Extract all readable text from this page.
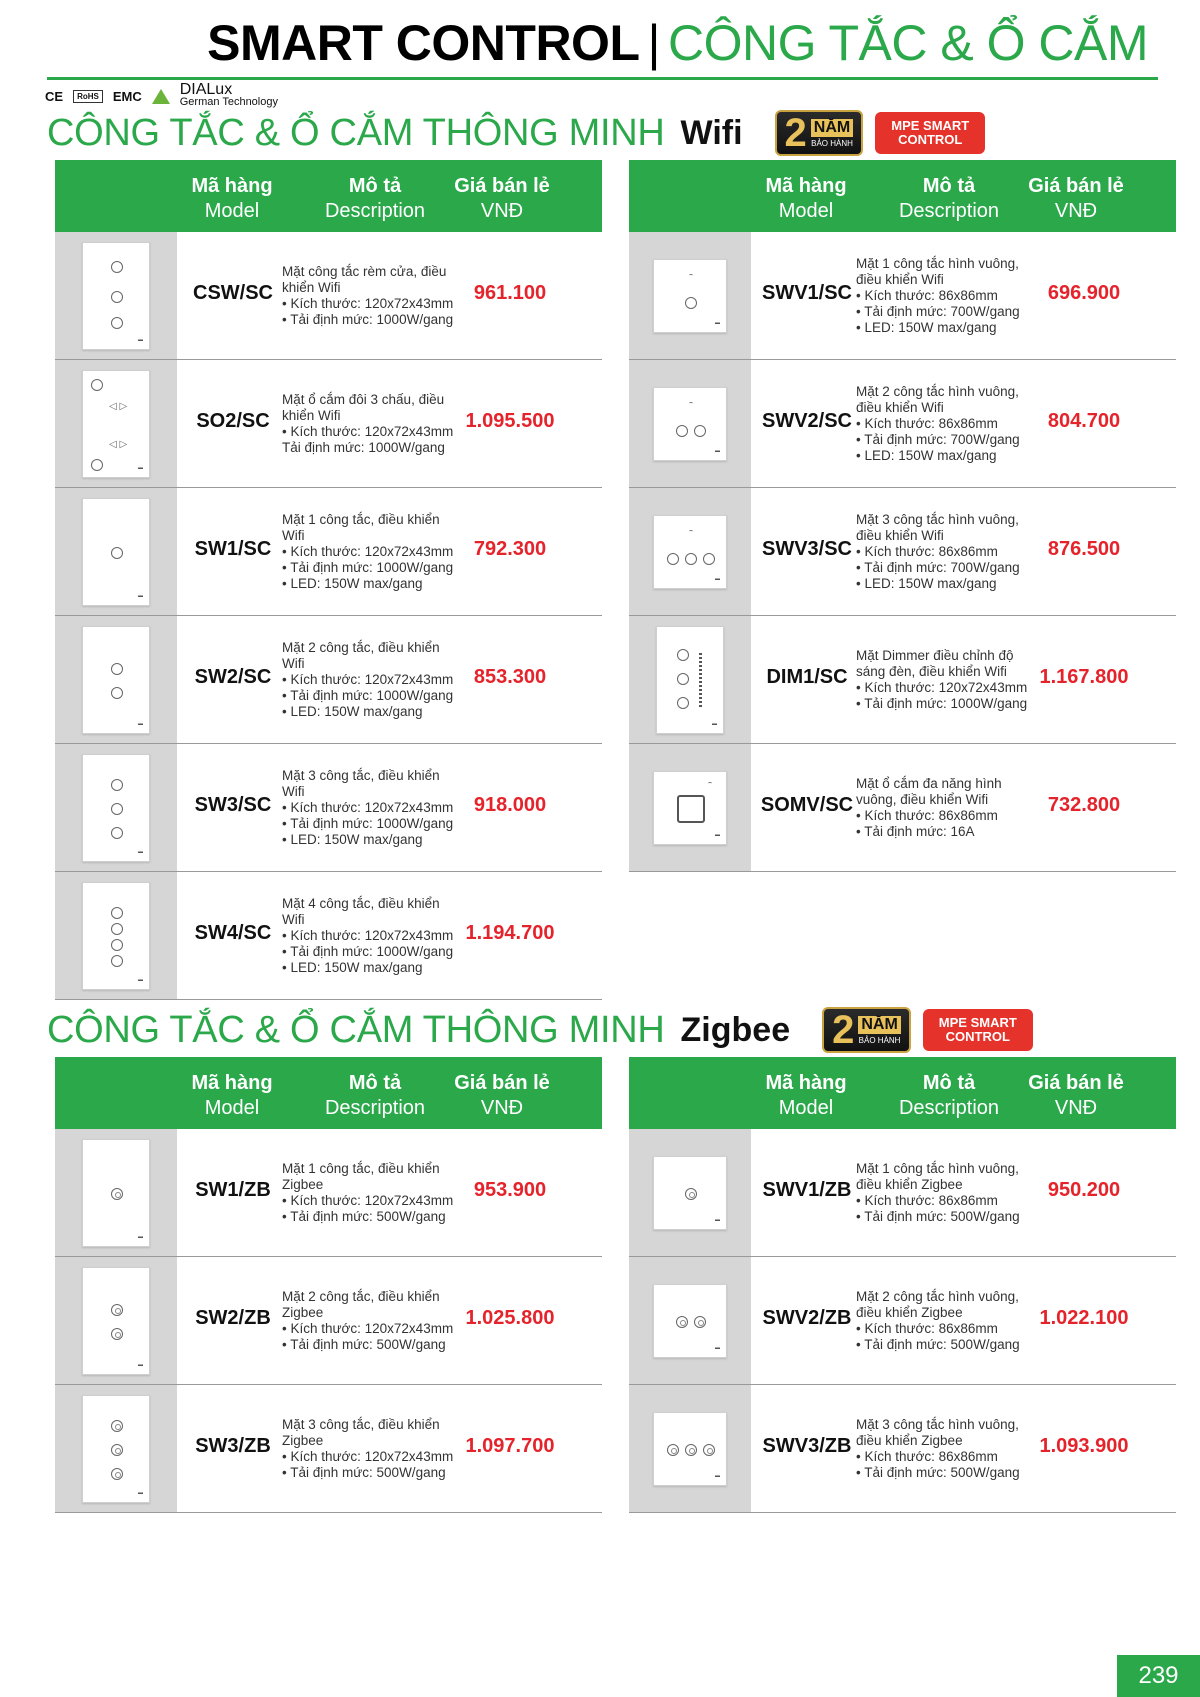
SMART CONTROL | CÔNG TẮC & Ổ CẮM
CE	RoHS	EMC DIALux
German Technology
CÔNG TẮC & Ổ CẮM THÔNG MINH Wifi 2 NĂM
BẢO HÀNH
MPE SMART
CONTROL
CÔNG TẮC & Ổ CẮM THÔNG MINH Zigbee 2 NĂM
BẢO HÀNH
MPE SMART
CONTROL
Mã hàng
Model
Mô tả
Description
Giá bán lẻ
VNĐ
▬
CSW/SC
Mặt công tắc rèm cửa, điều khiển Wifi
• Kích thước: 120x72x43mm
• Tải định mức: 1000W/gang
961.100
▬
◁ ▷
◁ ▷
SO2/SC
Mặt ổ cắm đôi 3 chấu, điều khiển Wifi
• Kích thước: 120x72x43mm
Tải định mức: 1000W/gang
1.095.500
▬
SW1/SC
Mặt 1 công tắc, điều khiển Wifi
• Kích thước: 120x72x43mm
• Tải định mức: 1000W/gang
• LED: 150W max/gang
792.300
▬
SW2/SC
Mặt 2 công tắc, điều khiển Wifi
• Kích thước: 120x72x43mm
• Tải định mức: 1000W/gang
• LED: 150W max/gang
853.300
▬
SW3/SC
Mặt 3 công tắc, điều khiển Wifi
• Kích thước: 120x72x43mm
• Tải định mức: 1000W/gang
• LED: 150W max/gang
918.000
▬
SW4/SC
Mặt 4 công tắc, điều khiển Wifi
• Kích thước: 120x72x43mm
• Tải định mức: 1000W/gang
• LED: 150W max/gang
1.194.700
Mã hàng
Model
Mô tả
Description
Giá bán lẻ
VNĐ
▬
SWV1/SC
Mặt 1 công tắc hình vuông, điều khiển Wifi
• Kích thước: 86x86mm
• Tải định mức: 700W/gang
• LED: 150W max/gang
696.900
▬
SWV2/SC
Mặt 2 công tắc hình vuông, điều khiển Wifi
• Kích thước: 86x86mm
• Tải định mức: 700W/gang
• LED: 150W max/gang
804.700
▬
SWV3/SC
Mặt 3 công tắc hình vuông, điều khiển Wifi
• Kích thước: 86x86mm
• Tải định mức: 700W/gang
• LED: 150W max/gang
876.500
▬
DIM1/SC
Mặt Dimmer điều chỉnh độ sáng đèn, điều khiển Wifi
• Kích thước: 120x72x43mm
• Tải định mức: 1000W/gang
1.167.800
▬
SOMV/SC
Mặt ổ cắm đa năng hình vuông, điều khiển Wifi
• Kích thước: 86x86mm
• Tải định mức: 16A
732.800
Mã hàng
Model
Mô tả
Description
Giá bán lẻ
VNĐ
▬
SW1/ZB
Mặt 1 công tắc, điều khiển Zigbee
• Kích thước: 120x72x43mm
• Tải định mức: 500W/gang
953.900
▬
SW2/ZB
Mặt 2 công tắc, điều khiển Zigbee
• Kích thước: 120x72x43mm
• Tải định mức: 500W/gang
1.025.800
▬
SW3/ZB
Mặt 3 công tắc, điều khiển Zigbee
• Kích thước: 120x72x43mm
• Tải định mức: 500W/gang
1.097.700
Mã hàng
Model
Mô tả
Description
Giá bán lẻ
VNĐ
▬
SWV1/ZB
Mặt 1 công tắc hình vuông, điều khiển Zigbee
• Kích thước: 86x86mm
• Tải định mức: 500W/gang
950.200
▬
SWV2/ZB
Mặt 2 công tắc hình vuông, điều khiển Zigbee
• Kích thước: 86x86mm
• Tải định mức: 500W/gang
1.022.100
▬
SWV3/ZB
Mặt 3 công tắc hình vuông, điều khiển Zigbee
• Kích thước: 86x86mm
• Tải định mức: 500W/gang
1.093.900
239
